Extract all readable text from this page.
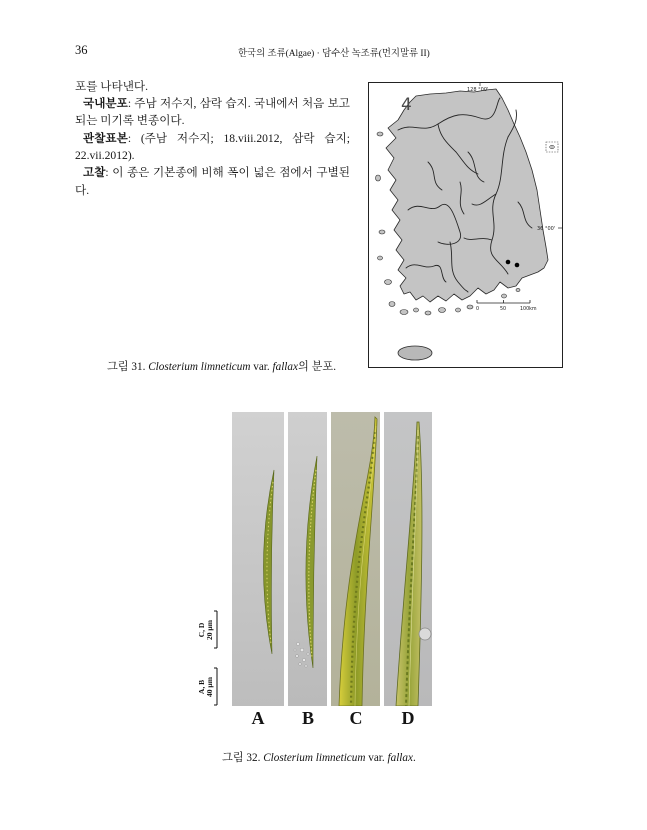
36	한국의 조류(Algae) · 담수산 녹조류(먼지말류 II)
포를 나타낸다.
국내분포: 주남 저수지, 삼락 습지. 국내에서 처음 보고
되는 미기록 변종이다.
관찰표본: (주남 저수지; 18.viii.2012, 삼락 습지;
22.vii.2012).
고찰: 이 종은 기본종에 비해 폭이 넓은 점에서 구별된
다.
4
128 °00'
36 °00'
0	50	100km
그림 31. Closterium limneticum var. fallax의 분포.
C, D 20 μm
A, B 40 μm
A B C D
그림 32. Closterium limneticum var. fallax.
